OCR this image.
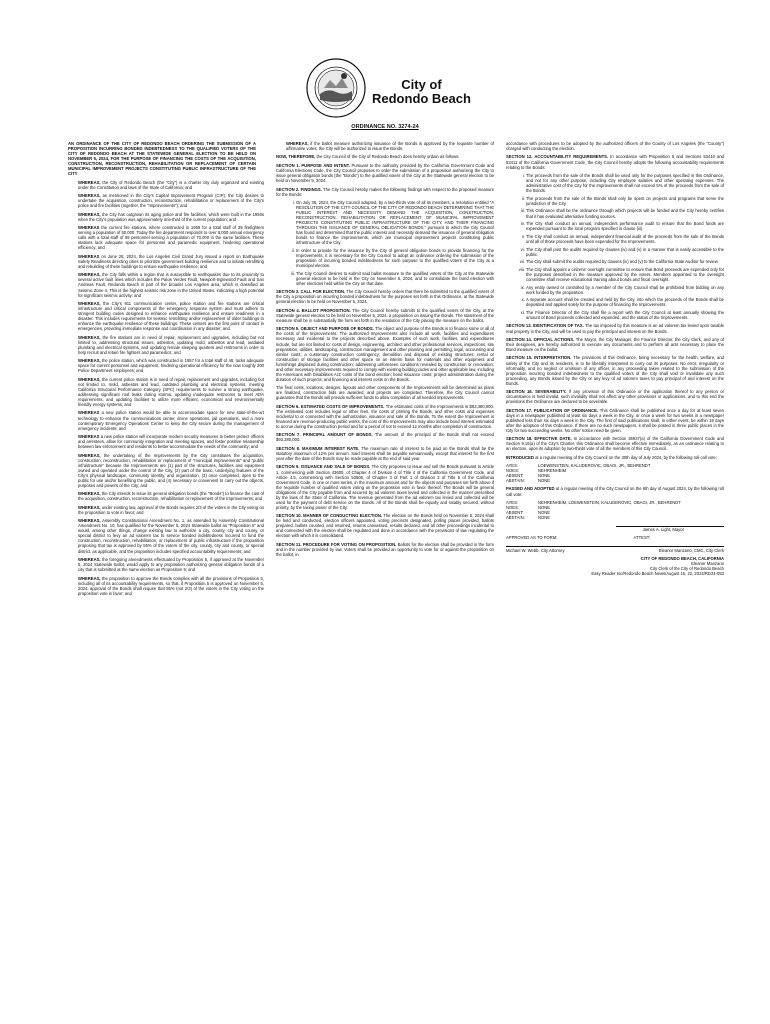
City of
Redondo Beach
ORDINANCE NO. 3274-24

AN ORDINANCE OF THE CITY OF REDONDO BEACH ORDERING THE SUBMISSION OF A PROPOSITION INCURRING BONDED INDEBTEDNESS TO THE QUALIFIED VOTERS OF THE CITY OF REDONDO BEACH AT THE STATEWIDE GENERAL ELECTION TO BE HELD ON NOVEMBER 5, 2024, FOR THE PURPOSE OF FINANCING THE COSTS OF THE ACQUISITION, CONSTRUCTION, RECONSTRUCTION, REHABILITATION OR REPLACEMENT OF CERTAIN MUNICIPAL IMPROVEMENT PROJECTS CONSTITUTING PUBLIC INFRASTRUCTURE OF THE CITY

WHEREAS, the City of Redondo Beach (the “City”) is a charter city duly organized and existing under the Constitution and laws of the State of California; and

WHEREAS, as mentioned in the City’s Capital Improvement Program (CIP), the City desires to undertake the acquisition, construction, reconstruction, rehabilitation or replacement of the City’s police and fire facilities (together, the “Improvements”); and

WHEREAS, the City has outgrown its aging police and fire facilities, which were built in the 1950s when the City’s population was approximately one-third of the current population; and

WHEREAS the current fire stations, where constructed in 1959 for a total staff of 39 firefighters serving a population of 50,000. Today the fire department responds to over 8,000 annual emergency calls with a total staff of 69 personnel serving a population of 70,000 in the same facilities. These stations lack adequate space for personnel and paramedic equipment, hindering operational efficiency; and

WHEREAS on June 28, 2024, the Los Angeles Civil Grand Jury issued a report on Earthquake Safety Readiness directing cities to prioritize government building resilience and to initiate retrofitting and rebuilding of these buildings to ensure earthquake resilience; and

WHEREAS, the City falls within a region that is susceptible to earthquakes due to its proximity to several active fault lines which includes the Palos Verdes Fault, Newport-Inglewood Fault and San Andreas Fault, Redondo Beach is part of the broader Los Angeles area, which is classified as Seismic Zone 4. This is the highest seismic risk zone in the United States, indicating a high potential for significant seismic activity; and

WHEREAS, the City’s 911 communication center, police station and fire stations are critical infrastructure and critical components of the emergency response system and must adhere to stringent building codes designed to enhance earthquake resilience and ensure readiness in a disaster. This includes requirements for seismic retrofitting and/or replacement of older buildings to enhance the earthquake resilience of these buildings. These centers are the first point of contact in emergencies, providing immediate response and coordination in any disaster; and

WHEREAS, the fire stations are in need of repair, replacement and upgrades, including but not limited to, addressing structural issues, asbestos, updating mold, asbestos and lead, outdated plumbing and electrical systems, and updating female sleeping quarters and restrooms in order to help recruit and retain fire fighters and paramedics; and

WHEREAS, the police station, which was constructed in 1957 for a total staff of 48, lacks adequate space for current personnel and equipment, hindering operational efficiency for the now roughly 200 Police Department employees; and

WHEREAS, the current police station is in need of repair, replacement and upgrades, including but not limited to, mold, asbestos and lead, outdated plumbing and electrical systems, meeting California Structural Performance Category (SPC) requirements to survive a strong earthquake, addressing significant roof leaks during storms, updating inadequate restrooms to meet ADA requirements, and updating facilities to utilize more efficient, economical and environmentally friendly energy systems; and

WHEREAS a new police station would be able to accommodate space for new state-of-the-art technology to enhance the communications center, drone operations, jail operations, and a more contemporary Emergency Operations Center to keep the City secure during the management of emergency incidents; and

WHEREAS a new police station will incorporate modern security measures to better protect officers and arrestees, allow for community integration and meeting spaces, and foster positive relationship between law enforcement and residents to better accommodate the needs of the community; and

WHEREAS, the undertaking of the Improvements by the City constitutes the acquisition, construction, reconstruction, rehabilitation or replacement of “municipal improvements” and “public infrastructure” because the Improvements are (1) part of the structures, facilities and equipment owned and operated under the control of the City, (2) part of the basic, underlying features of the City’s physical landscape, community identity, and organization, (3) once completed, open to the public for use and/or benefiting the public, and (4) necessary or convenient to carry out the objects, purposes and powers of the City; and

WHEREAS, the City intends to issue its general obligation bonds (the “Bonds”) to finance the cost of the acquisition, construction, reconstruction, rehabilitation or replacement of the Improvements; and

WHEREAS, under existing law, approval of the Bonds requires 2/3 of the voters in the City voting on the proposition to vote in favor; and

WHEREAS, Assembly Constitutional Amendment No. 1, as amended by Assembly Constitutional Amendment No. 10, has qualified for the November 5, 2024 Statewide ballot as “Proposition 5” and would, among other things, change existing law to authorize a city, county, city and county, or special district to levy an ad valorem tax to service bonded indebtedness incurred to fund the construction, reconstruction, rehabilitation, or replacement of public infrastructure if the proposition proposing that tax is approved by 55% of the voters of the city, county, city and county, or special district, as applicable, and the proposition includes specified accountability requirements; and

WHEREAS, the foregoing amendments effectuated by Proposition 5, if approved at the November 5, 2024 Statewide ballot, would apply to any proposition authorizing general obligation bonds of a city that is submitted at the same election as Proposition 5; and

WHEREAS, the proposition to approve the Bonds complies with all the provisions of Proposition 5, including all of its accountability requirements, so that, if Proposition 5 is approved on November 5, 2024, approval of the Bonds shall require that 55% (not 2/3) of the voters in the City voting on the proposition vote in favor; and

WHEREAS, if the ballot measure authorizing issuance of the Bonds is approved by the requisite number of affirmative votes, the City will be authorized to issue the Bonds.

NOW, THEREFORE, the City Council of the City of Redondo Beach does hereby ordain as follows:

SECTION 1. PURPOSE AND INTENT. Pursuant to the authority provided by the California Government Code and California Elections Code, the City Council proposes to order the submission of a proposition authorizing the City to issue general obligation bonds (the “Bonds”) to the qualified voters of the City at the Statewide general election to be held on November 5, 2024.

SECTION 2. FINDINGS. The City Council hereby makes the following findings with respect to the proposed measure for the Bonds:

i. On July 30, 2024, the City Council adopted, by a two-thirds vote of all its members, a resolution entitled “A RESOLUTION OF THE CITY COUNCIL OF THE CITY OF REDONDO BEACH DETERMINING THAT THE PUBLIC INTEREST AND NECESSITY DEMAND THE ACQUISITION, CONSTRUCTION, RECONSTRUCTION, REHABILITATION OR REPLACEMENT OF MUNICIPAL IMPROVEMENT PROJECTS CONSTITUTING PUBLIC INFRASTRUCTURE OF THE CITY, AND THEIR FINANCING THROUGH THE ISSUANCE OF GENERAL OBLIGATION BONDS,” pursuant to which the City Council has found and determined that the public interest and necessity demand the issuance of general obligation bonds to finance the Improvements, which are municipal improvement projects constituting public infrastructure of the City.
ii. In order to provide for the issuance by the City of general obligation bonds to provide financing for the Improvements, it is necessary for the City Council to adopt an ordinance ordering the submission of the proposition of incurring bonded indebtedness for such purpose to the qualified voters of the City at a municipal election.
iii. The City Council desires to submit said ballot measure to the qualified voters of the City at the Statewide general election to be held in the City on November 5, 2024, and to consolidate the bond election with other elections held within the City on that date.

SECTION 3. CALL FOR ELECTION. The City Council hereby orders that there be submitted to the qualified voters of the City a proposition on incurring bonded indebtedness for the purposes set forth in this Ordinance, at the Statewide general election to be held on November 5, 2024.

SECTION 4. BALLOT PROPOSITION. The City Council hereby submits to the qualified voters of the City, at the Statewide general election to be held on November 5, 2024, a proposition on issuing the Bonds. The statement of the measure shall be in substantially the form set forth in the resolution of the City placing the measure on the ballot.

SECTION 5. OBJECT AND PURPOSE OF BONDS. The object and purpose of the Bonds is to finance some or all of the costs of the Improvements. The authorized Improvements also include all work, facilities and expenditures necessary and incidental to the projects described above. Examples of such work, facilities, and expenditures include, but are not limited to: costs of design, engineering, architect and other professional services, inspections, site preparation, utilities, landscaping, construction management and other planning and permitting, legal, accounting and similar costs; a customary construction contingency; demolition and disposal of existing structures; rental or construction of storage facilities and other space on an interim basis for materials and other equipment and furnishings displaced during construction; addressing unforeseen conditions revealed by construction or renovation; and other necessary improvements required to comply with existing building codes and other applicable law, including the Americans with Disabilities Act; costs of the bond election; bond issuance costs; project administration during the duration of such projects; and financing and interest costs on the Bonds.

The final costs, locations, designs, layouts and other components of the Improvements will be determined as plans are finalized, construction bids are awarded, and projects are completed. Therefore, the City Council cannot guarantee that the Bonds will provide sufficient funds to allow completion of all needed improvements.

SECTION 6. ESTIMATED COSTS OF IMPROVEMENTS. The estimated costs of the Improvements is $93,380,000. The estimated cost includes legal or other fees, the costs of printing the Bonds, and other costs and expenses incidental to or connected with the authorization, issuance and sale of the Bonds. To the extent the Improvement is financed are revenue-producing public works, the cost of the Improvements may also include bond interest estimated to accrue during the construction period and for a period of not to exceed 12 months after completion of construction.

SECTION 7. PRINCIPAL AMOUNT OF BONDS. The amount of the principal of the Bonds shall not exceed $93,380,000.

SECTION 8. MAXIMUM INTEREST RATE. The maximum rate of interest to be paid on the Bonds shall be the statutory maximum of 12% per annum. Said interest shall be payable semiannually, except that interest for the first year after the date of the Bonds may be made payable at the end of said year.

SECTION 9. ISSUANCE AND SALE OF BONDS. The City proposes to issue and sell the Bonds pursuant to Article 1, commencing with Section 43600, of Chapter 4 of Division 4 of Title 4 of the California Government Code, and Article 4.5, commencing with Section 53506, of Chapter 3 of Part 1 of Division 2 of Title 5 of the California Government Code, in one or more series, in the maximum amount and for the objects and purposes set forth above if the requisite number of qualified voters voting on the proposition vote in favor thereof. The Bonds will be general obligations of the City payable from and secured by ad valorem taxes levied and collected in the manner prescribed by the laws of the State of California. The revenue generated from the ad valorem tax levied and collected will be used for the payment of debt service on the Bonds. All of the Bonds shall be equally and ratably secured, without priority, by the taxing power of the City.

SECTION 10. MANNER OF CONDUCTING ELECTION. The election on the Bonds held on November 5, 2024 shall be held and conducted, election officers appointed, voting precincts designated, polling places provided, ballots prepared, ballots counted, and returned, returns canvassed, results declared, and all other proceedings incidental to and connected with the election shall be regulated and done in accordance with the provisions of law regulating the election with which it is consolidated.

SECTION 11. PROCEDURE FOR VOTING ON PROPOSITION. Ballots for the election shall be provided in the form and in the number provided by law. Voters shall be provided an opportunity to vote for or against the proposition on the ballot, in

accordance with procedures to be adopted by the authorized officers of the County of Los Angeles (the “County”) charged with conducting the election.

SECTION 12. ACCOUNTABILITY REQUIREMENTS. In accordance with Proposition 5 and Sections 53410 and 53411 of the California Government Code, the City Council hereby adopts the following accountability requirements relating to the Bonds:

i. The proceeds from the sale of the Bonds shall be used only for the purposes specified in this Ordinance, and not for any other purpose, including City employee salaries and other operating expenses. The administrative cost of the City for the Improvements shall not exceed 5% of the proceeds from the sale of the Bonds.
ii. The proceeds from the sale of the Bonds shall only be spent on projects and programs that serve the jurisdiction of the City.
iii. This Ordinance shall be the ordinance through which projects will be funded and the City hereby certifies that it has evaluated alternative funding sources.
iv. The City shall conduct an annual, independent performance audit to ensure that the Bond funds are expended pursuant to the local program specified in clause (iii).
v. The City shall conduct an annual, independent financial audit of the proceeds from the sale of the Bonds until all of those proceeds have been expended for the Improvements.
vi. The City shall post the audits required by clauses (iv) and (v) in a manner that is easily accessible to the public.
vii. The City shall submit the audits required by clauses (iv) and (v) to the California State Auditor for review.
viii. The City shall appoint a citizens’ oversight committee to ensure that Bond proceeds are expended only for the purposes described in the measure approved by the voters. Members appointed to the oversight committee shall receive educational training about bonds and fiscal oversight.
ix. Any entity owned or controlled by a member of the City Council shall be prohibited from bidding on any work funded by the proposition.
x. A separate account shall be created and held by the City, into which the proceeds of the Bonds shall be deposited and applied solely for the purpose of financing the Improvements.
xi. The Finance Director of the City shall file a report with the City Council at least annually showing the amount of Bond proceeds collected and expended, and the status of the Improvements.

SECTION 13. IDENTIFICATION OF TAX. The tax imposed by this measure is an ad valorem tax levied upon taxable real property in the City, and will be used to pay the principal and interest on the Bonds.

SECTION 14. OFFICIAL ACTIONS. The Mayor, the City Manager, the Finance Director, the City Clerk, and any of their designees, are hereby authorized to execute any documents and to perform all acts necessary to place the Bond measure on the ballot.

SECTION 15. INTERPRETATION. The provisions of this Ordinance, being necessary for the health, welfare, and safety of the City and its residents, is to be liberally interpreted to carry out its purposes. No error, irregularity or informality, and no neglect or omission of any officer, in any proceeding taken related to the submission of the proposition incurring bonded indebtedness to the qualified voters of the City shall void or invalidate any such proceeding, any Bonds issued by the City or any levy of ad valorem taxes to pay principal of and interest on the Bonds.

SECTION 16. SEVERABILITY. If any provision of this Ordinance or the application thereof to any person or circumstance is held invalid, such invalidity shall not affect any other provisions or applications, and to this end the provisions this Ordinance are declared to be severable.

SECTION 17. PUBLICATION OF ORDINANCE. This Ordinance shall be published once a day for at least seven days in a newspaper published at least six days a week in the City, or once a week for two weeks in a newspaper published less than six days a week in the City. The first of said publications shall, in either event, be within 15 days after the adoption of this Ordinance. If there are no such newspapers, it shall be posted in three public places in the City for two succeeding weeks. No other notice need be given.

SECTION 18. EFFECTIVE DATE. In accordance with Section 36937(a) of the California Government Code and Section 9.16(a) of the City’s Charter, this Ordinance shall become effective immediately, as an ordinance relating to an election, upon its adoption by two-thirds vote of all the members of this City Council.

INTRODUCED at a regular meeting of the City Council on the 30th day of July 2024, by the following roll call vote:

AYES:	LOEWENSTEIN, KALUDEROVIC, OBAGI, JR., BEHRENDT
NOES:	NEHRENHEIM
ABSENT:	NONE
ABSTAIN:	NONE

PASSED AND ADOPTED at a regular meeting of the City Council on the 6th day of August 2024, by the following roll call vote:

AYES:	NEHRENHEIM, LOEWENSTEIN, KALUDEROVIC, OBAGI, JR., BEHRENDT
NOES:	NONE
ABSENT:	NONE
ABSTAIN:	NONE

James A. Light, Mayor

APPROVED AS TO FORM:	ATTEST:
Michael W. Webb, City Attorney	Eleanor Manzano, CMC, City Clerk

CITY OF REDONDO BEACH, CALIFORNIA

Eleanor Manzano

City Clerk of the City of Redondo Beach

Easy Reader Inc/Redondo Beach News/August 15, 22, 2024/RD24-053
